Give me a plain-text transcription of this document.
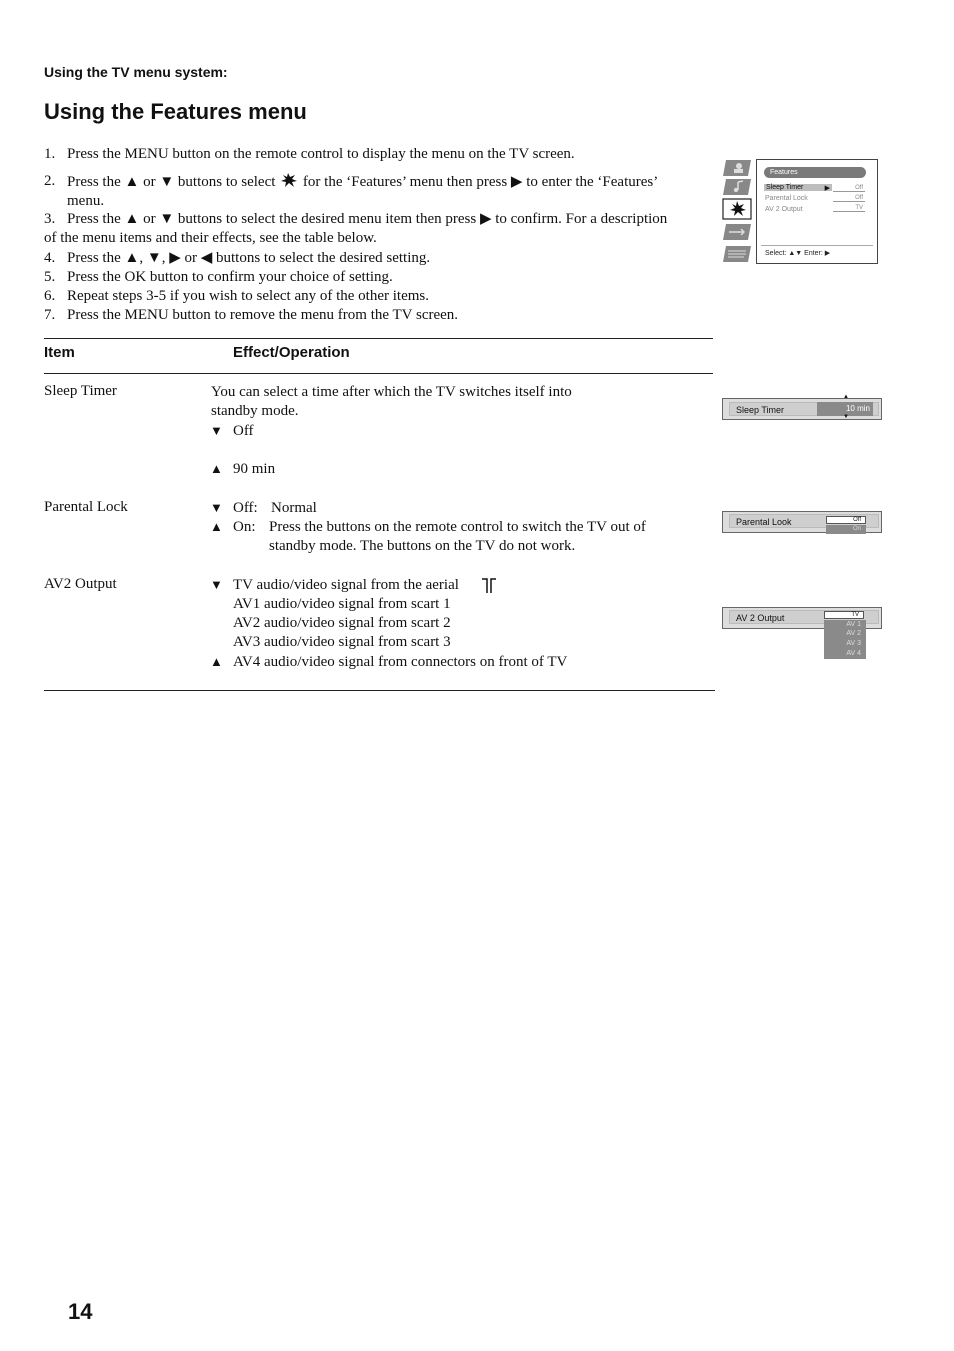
Using the TV menu system:
Using the Features menu
1. Press the MENU button on the remote control to display the menu on the TV screen.
2. Press the ▲ or ▼ buttons to select for the ‘Features’ menu then press ▶ to enter the ‘Features’
menu.
3. Press the ▲ or ▼ buttons to select the desired menu item then press ▶ to confirm. For a description
of the menu items and their effects, see the table below.
4. Press the ▲, ▼, ▶ or ◀ buttons to select the desired setting.
5. Press the OK button to confirm your choice of setting.
6. Repeat steps 3-5 if you wish to select any of the other items.
7. Press the MENU button to remove the menu from the TV screen.
Features
Sleep Timer	▶	Off
Parental Lock	Off
AV 2 Output	TV
Select: ▲▼ Enter: ▶
Item	Effect/Operation
Sleep Timer	You can select a time after which the TV switches itself into
standby mode.
▼ Off
▲ 90 min
Parental Lock	▼ Off: Normal
▲ On: Press the buttons on the remote control to switch the TV out of
standby mode. The buttons on the TV do not work.
AV2 Output	▼ TV audio/video signal from the aerial
AV1 audio/video signal from scart 1
AV2 audio/video signal from scart 2
AV3 audio/video signal from scart 3
▲ AV4 audio/video signal from connectors on front of TV
Sleep Timer	10 min
▲
▼
Parental Look	Off
On
AV 2 Output	TV
AV 1
AV 2
AV 3
AV 4
14
